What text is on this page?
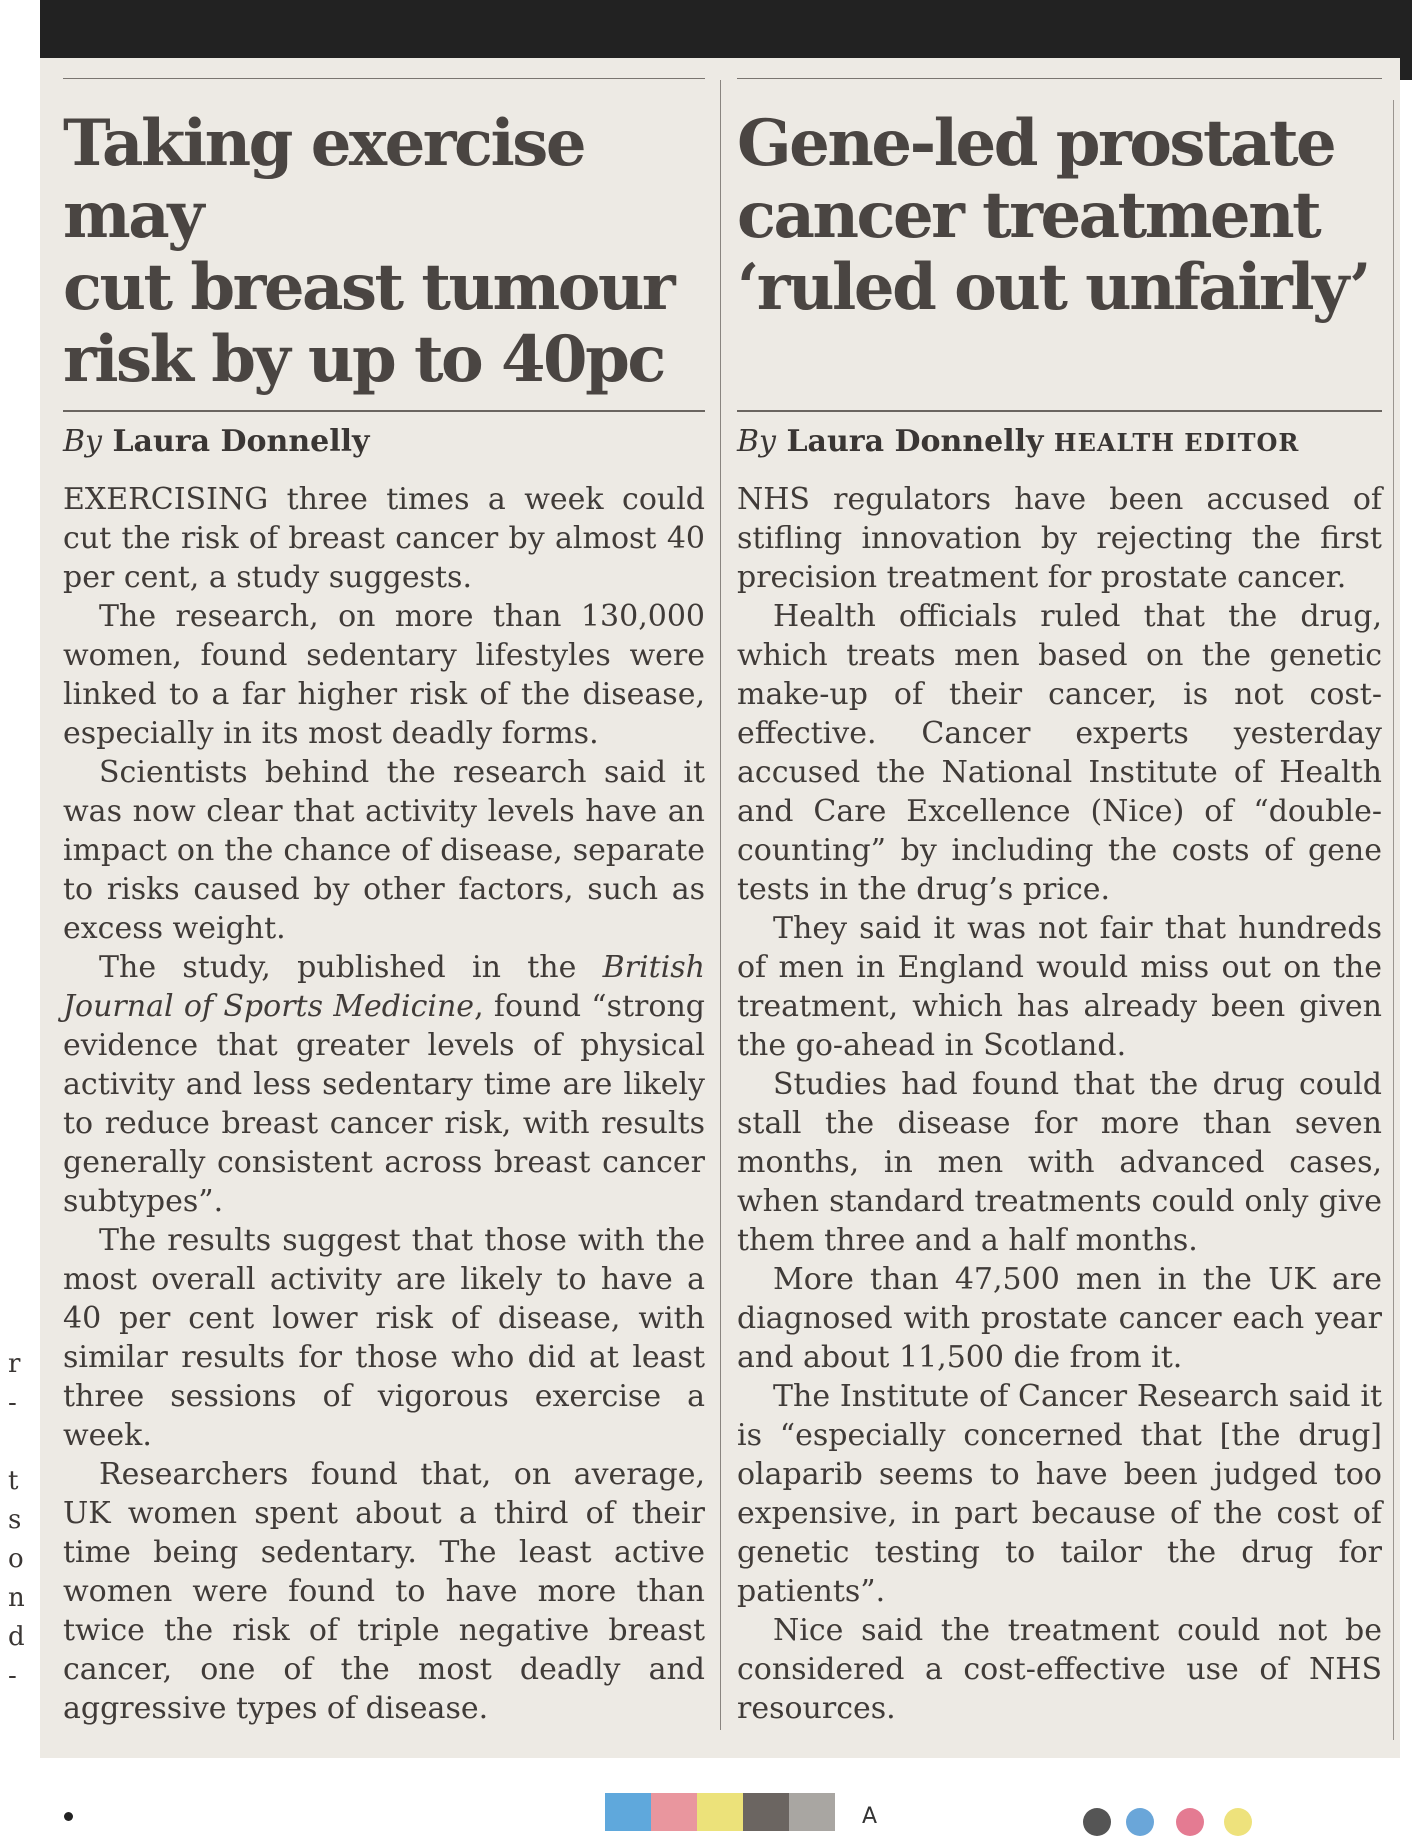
r
-
t
s
o
n
d
-
Taking exercise may
cut breast tumour
risk by up to 40pc
By Laura Donnelly

EXERCISING three times a week could cut the risk of breast cancer by almost 40 per cent, a study suggests.

The research, on more than 130,000 women, found sedentary lifestyles were linked to a far higher risk of the disease, especially in its most deadly forms.

Scientists behind the research said it was now clear that activity levels have an impact on the chance of disease, separate to risks caused by other factors, such as excess weight.

The study, published in the British Journal of Sports Medicine, found “strong evidence that greater levels of physical activity and less sedentary time are likely to reduce breast cancer risk, with results generally consistent across breast cancer subtypes”.

The results suggest that those with the most overall activity are likely to have a 40 per cent lower risk of disease, with similar results for those who did at least three sessions of vigorous exercise a week.

Researchers found that, on average, UK women spent about a third of their time being sedentary. The least active women were found to have more than twice the risk of triple negative breast cancer, one of the most deadly and aggressive types of disease.

Gene-led prostate
cancer treatment
‘ruled out unfairly’
By Laura Donnelly HEALTH EDITOR

NHS regulators have been accused of stifling innovation by rejecting the first precision treatment for prostate cancer.

Health officials ruled that the drug, which treats men based on the genetic make-up of their cancer, is not cost-effective. Cancer experts yesterday accused the National Institute of Health and Care Excellence (Nice) of “double-counting” by including the costs of gene tests in the drug’s price.

They said it was not fair that hundreds of men in England would miss out on the treatment, which has already been given the go-ahead in Scotland.

Studies had found that the drug could stall the disease for more than seven months, in men with advanced cases, when standard treatments could only give them three and a half months.

More than 47,500 men in the UK are diagnosed with prostate cancer each year and about 11,500 die from it.

The Institute of Cancer Research said it is “especially concerned that [the drug] olaparib seems to have been judged too expensive, in part because of the cost of genetic testing to tailor the drug for patients”.

Nice said the treatment could not be considered a cost-effective use of NHS resources.

A
